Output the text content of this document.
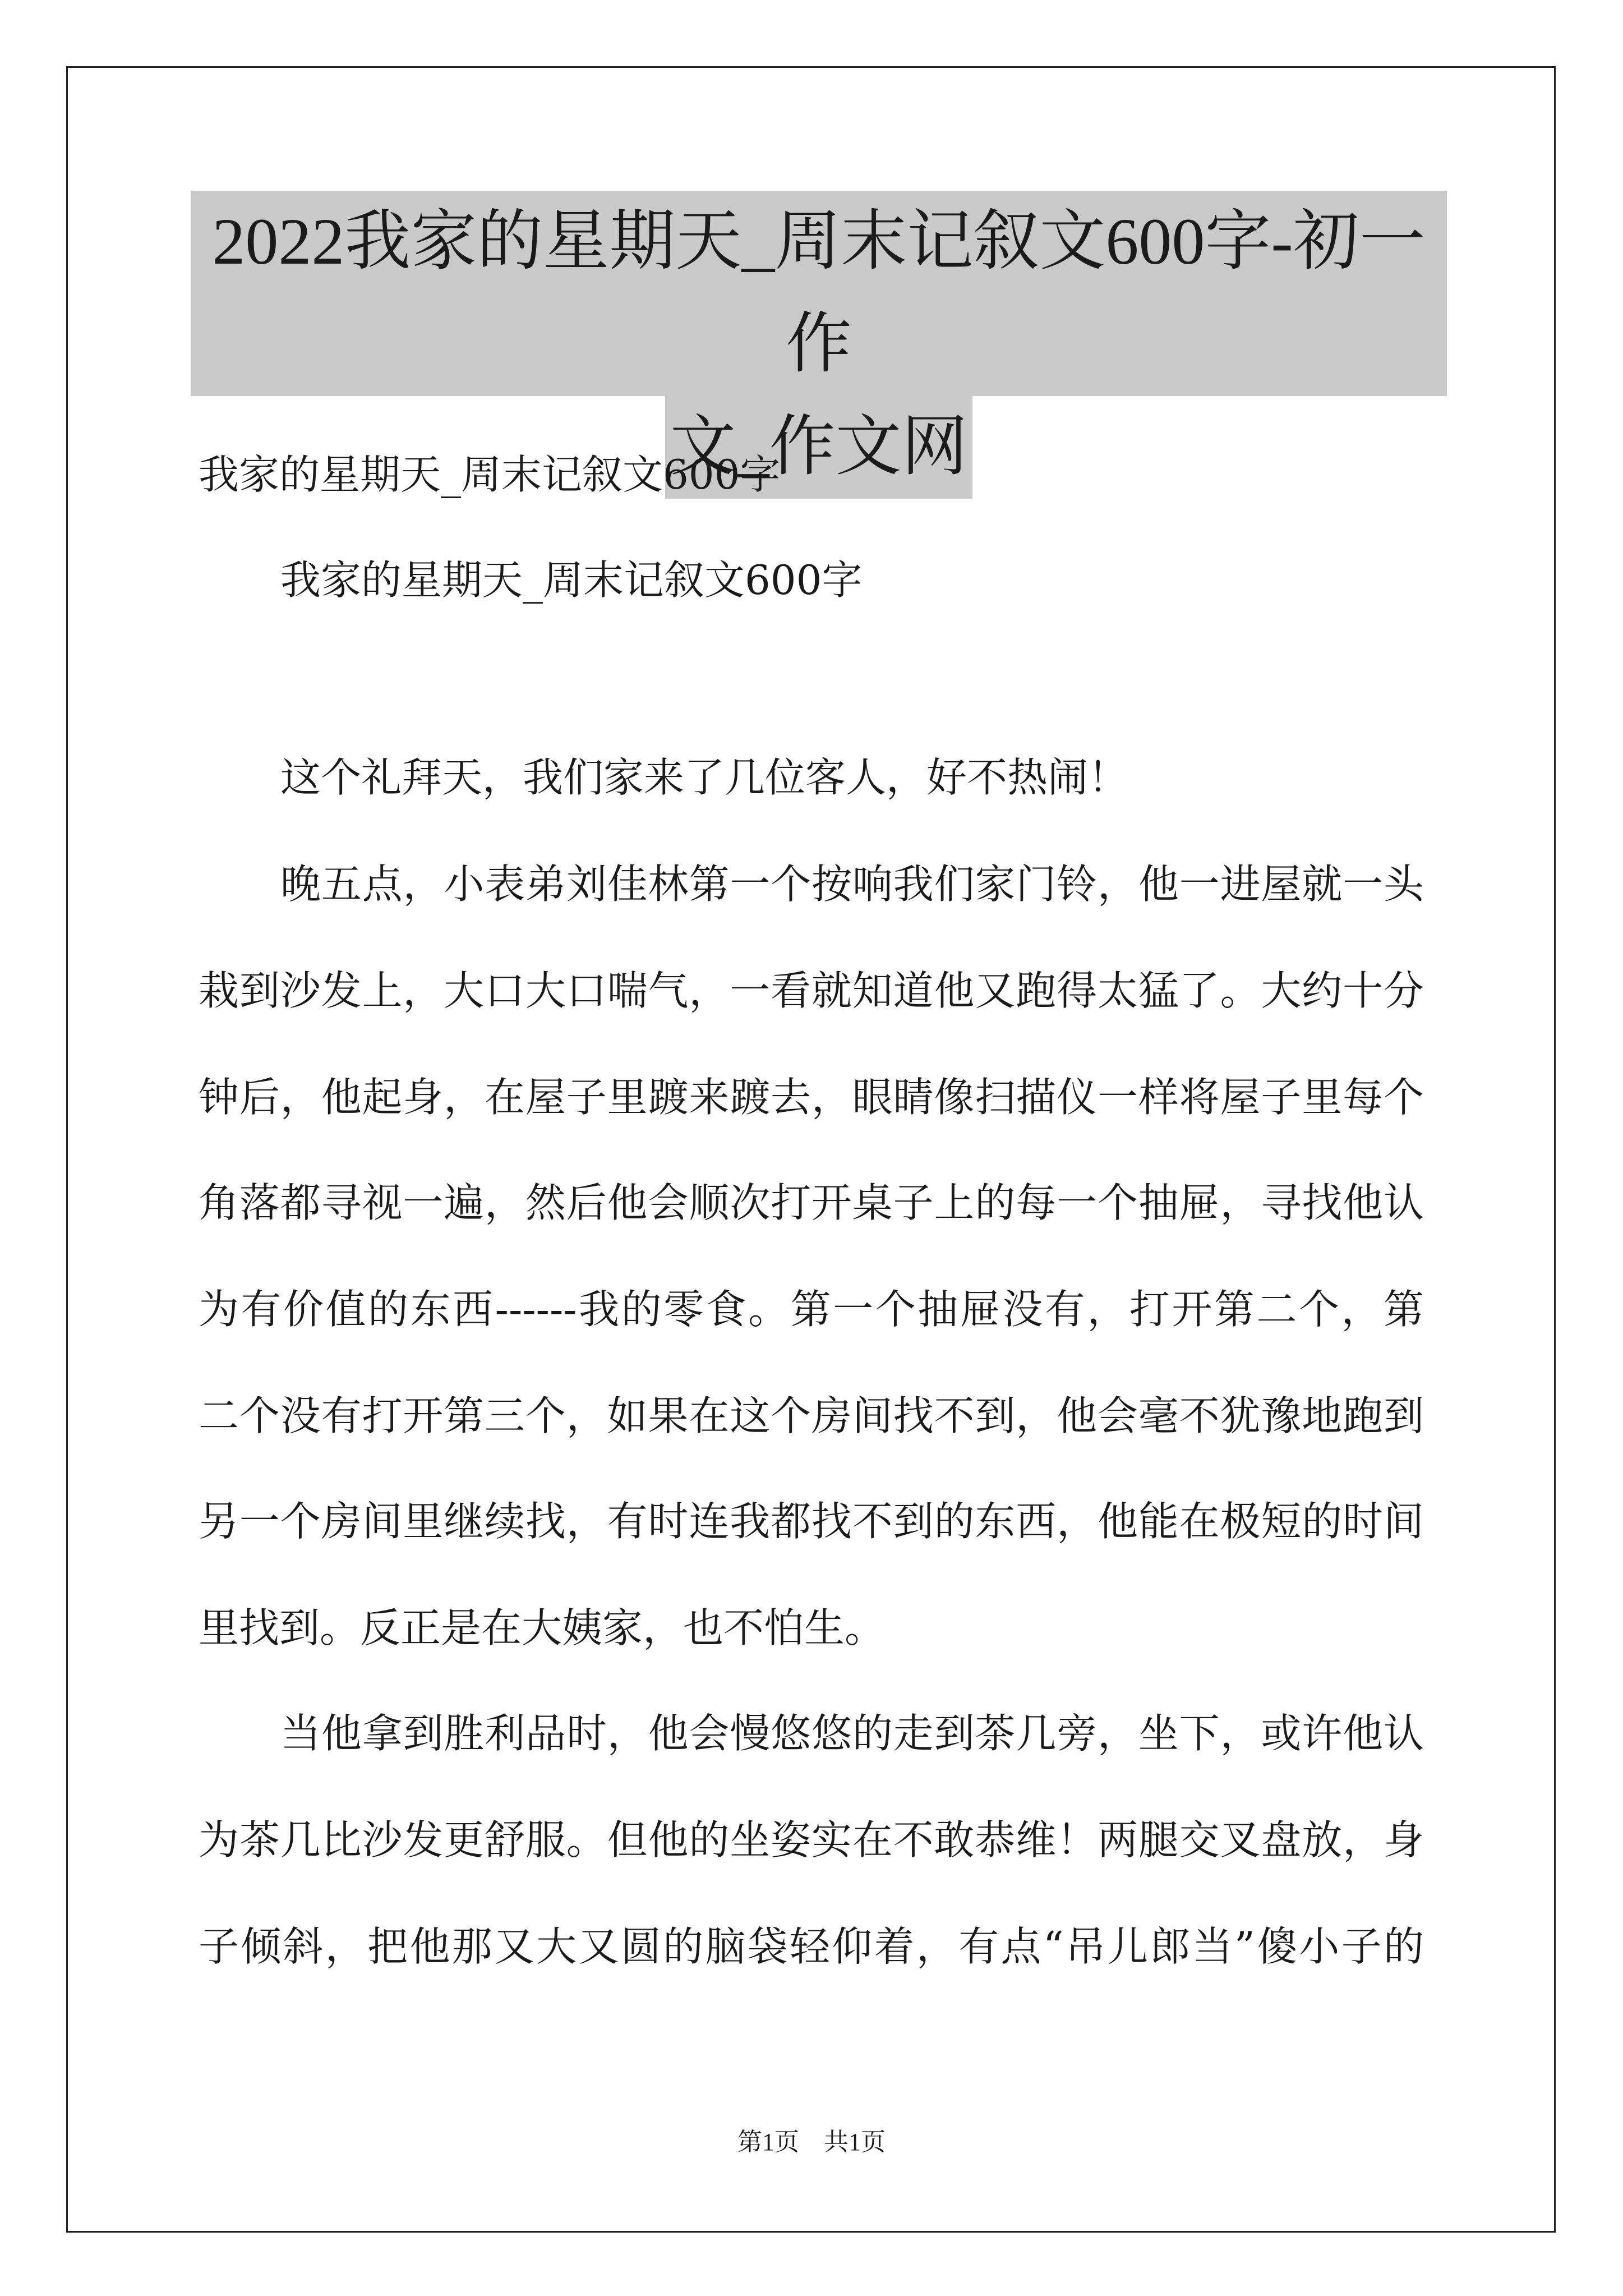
2022我家的星期天_周末记叙文600字-初一作
文_作文网
我家的星期天_周末记叙文600字
我家的星期天_周末记叙文600字
这个礼拜天，我们家来了几位客人，好不热闹！
晚五点，小表弟刘佳林第一个按响我们家门铃，他一进屋就一头
栽到沙发上，大口大口喘气，一看就知道他又跑得太猛了。大约十分
钟后，他起身，在屋子里踱来踱去，眼睛像扫描仪一样将屋子里每个
角落都寻视一遍，然后他会顺次打开桌子上的每一个抽屉，寻找他认
为有价值的东西------我的零食。第一个抽屉没有，打开第二个，第
二个没有打开第三个，如果在这个房间找不到，他会毫不犹豫地跑到
另一个房间里继续找，有时连我都找不到的东西，他能在极短的时间
里找到。反正是在大姨家，也不怕生。
当他拿到胜利品时，他会慢悠悠的走到茶几旁，坐下，或许他认
为茶几比沙发更舒服。但他的坐姿实在不敢恭维！两腿交叉盘放，身
子倾斜，把他那又大又圆的脑袋轻仰着，有点“吊儿郎当”傻小子的
第1页　共1页
